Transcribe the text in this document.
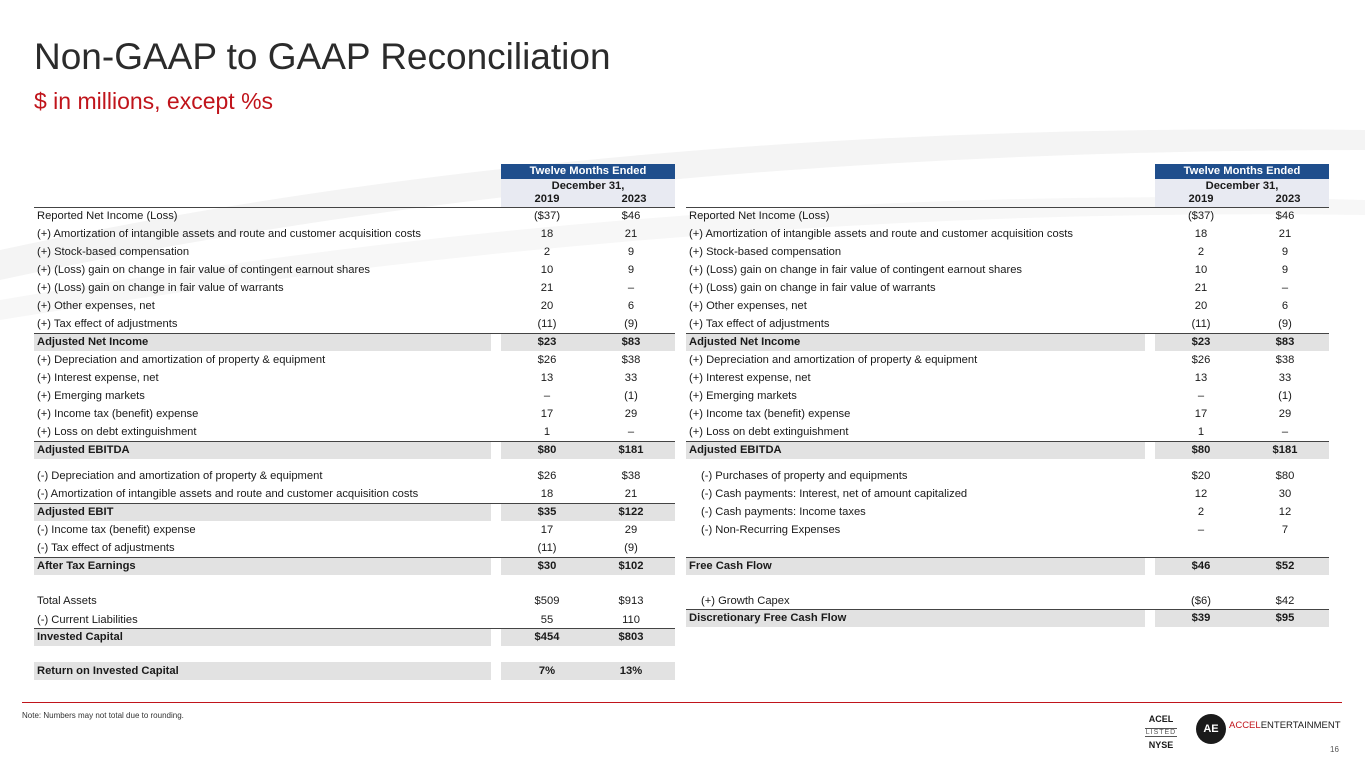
Non-GAAP to GAAP Reconciliation
$ in millions, except %s
Twelve Months Ended
December 31,
2019	2023
Twelve Months Ended
December 31,
2019	2023
Reported Net Income (Loss)	($37)	$46
(+) Amortization of intangible assets and route and customer acquisition costs	18	21
(+) Stock-based compensation	2	9
(+) (Loss) gain on change in fair value of contingent earnout shares	10	9
(+) (Loss) gain on change in fair value of warrants	21	–
(+) Other expenses, net	20	6
(+) Tax effect of adjustments	(11)	(9)
Adjusted Net Income	$23	$83
(+) Depreciation and amortization of property & equipment	$26	$38
(+) Interest expense, net	13	33
(+) Emerging markets	–	(1)
(+) Income tax (benefit) expense	17	29
(+) Loss on debt extinguishment	1	–
Adjusted EBITDA	$80	$181
(-) Depreciation and amortization of property & equipment	$26	$38
(-) Amortization of intangible assets and route and customer acquisition costs	18	21
Adjusted EBIT	$35	$122
(-) Income tax (benefit) expense	17	29
(-) Tax effect of adjustments	(11)	(9)
After Tax Earnings	$30	$102
Total Assets	$509	$913
(-) Current Liabilities	55	110
Invested Capital	$454	$803
Return on Invested Capital	7%	13%
Reported Net Income (Loss)	($37)	$46
(+) Amortization of intangible assets and route and customer acquisition costs	18	21
(+) Stock-based compensation	2	9
(+) (Loss) gain on change in fair value of contingent earnout shares	10	9
(+) (Loss) gain on change in fair value of warrants	21	–
(+) Other expenses, net	20	6
(+) Tax effect of adjustments	(11)	(9)
Adjusted Net Income	$23	$83
(+) Depreciation and amortization of property & equipment	$26	$38
(+) Interest expense, net	13	33
(+) Emerging markets	–	(1)
(+) Income tax (benefit) expense	17	29
(+) Loss on debt extinguishment	1	–
Adjusted EBITDA	$80	$181
(-) Purchases of property and equipments	$20	$80
(-) Cash payments: Interest, net of amount capitalized	12	30
(-) Cash payments: Income taxes	2	12
(-) Non-Recurring Expenses	–	7
Free Cash Flow	$46	$52
(+) Growth Capex	($6)	$42
Discretionary Free Cash Flow	$39	$95
Note: Numbers may not total due to rounding.	ACEL
LISTED
NYSE
AE	ACCELENTERTAINMENT
16
